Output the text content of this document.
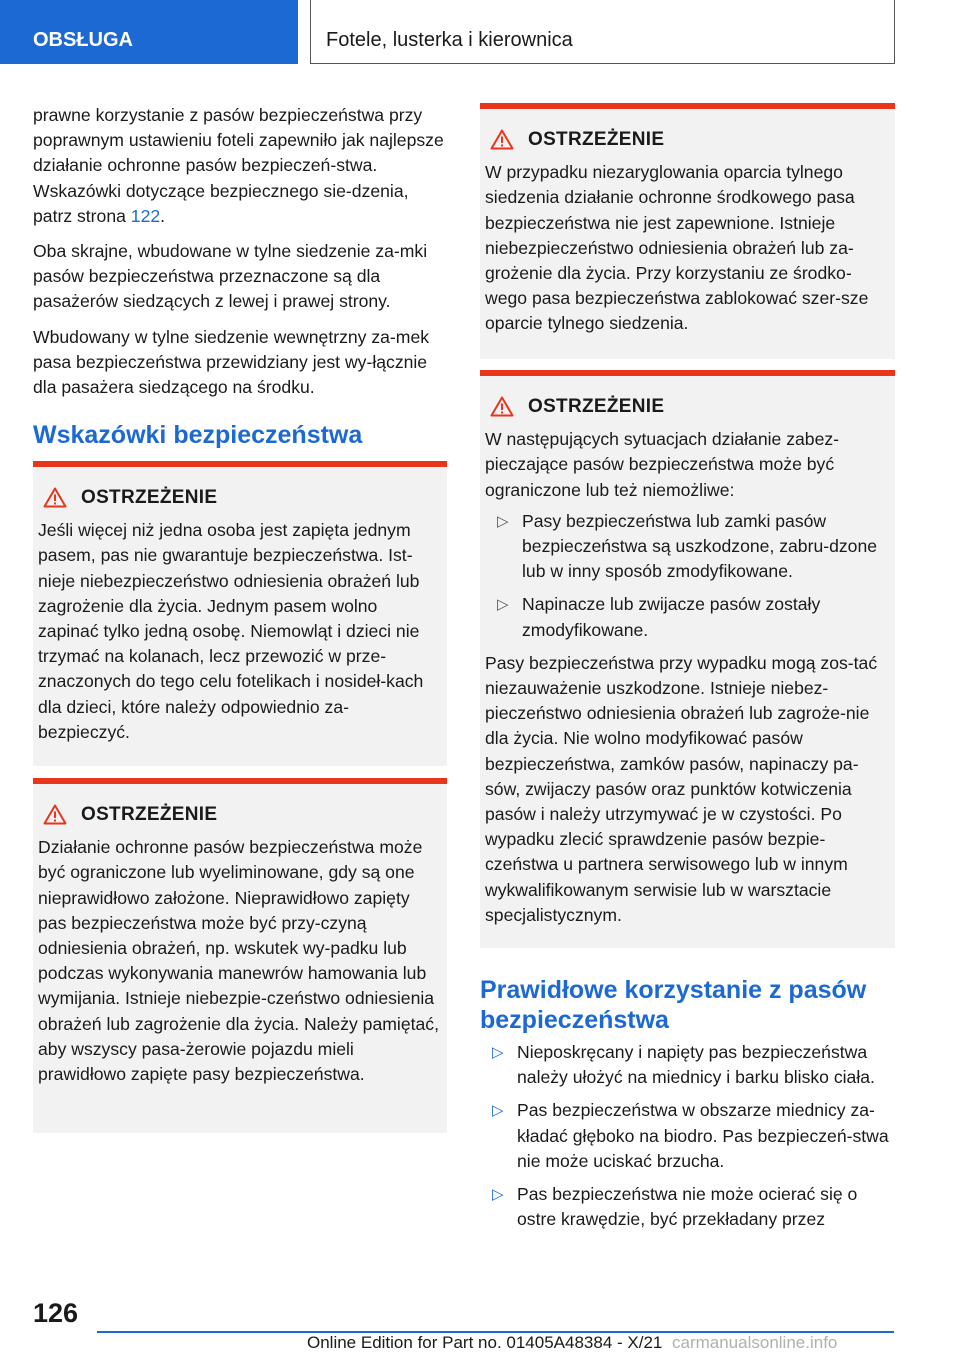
OBSŁUGA	Fotele, lusterka i kierownica

prawne korzystanie z pasów bezpieczeństwa przy poprawnym ustawieniu foteli zapewniło jak najlepsze działanie ochronne pasów bezpieczeń-stwa. Wskazówki dotyczące bezpiecznego sie-dzenia, patrz strona 122.

Oba skrajne, wbudowane w tylne siedzenie za-mki pasów bezpieczeństwa przeznaczone są dla pasażerów siedzących z lewej i prawej strony.

Wbudowany w tylne siedzenie wewnętrzny za-mek pasa bezpieczeństwa przewidziany jest wy-łącznie dla pasażera siedzącego na środku.

Wskazówki bezpieczeństwa
OSTRZEŻENIE

Jeśli więcej niż jedna osoba jest zapięta jednym pasem, pas nie gwarantuje bezpieczeństwa. Ist-nieje niebezpieczeństwo odniesienia obrażeń lub zagrożenie dla życia. Jednym pasem wolno zapinać tylko jedną osobę. Niemowląt i dzieci nie trzymać na kolanach, lecz przewozić w prze-znaczonych do tego celu fotelikach i nosideł-kach dla dzieci, które należy odpowiednio za-bezpieczyć.

OSTRZEŻENIE

Działanie ochronne pasów bezpieczeństwa może być ograniczone lub wyeliminowane, gdy są one nieprawidłowo założone. Nieprawidłowo zapięty pas bezpieczeństwa może być przy-czyną odniesienia obrażeń, np. wskutek wy-padku lub podczas wykonywania manewrów hamowania lub wymijania. Istnieje niebezpie-czeństwo odniesienia obrażeń lub zagrożenie dla życia. Należy pamiętać, aby wszyscy pasa-żerowie pojazdu mieli prawidłowo zapięte pasy bezpieczeństwa.

OSTRZEŻENIE

W przypadku niezaryglowania oparcia tylnego siedzenia działanie ochronne środkowego pasa bezpieczeństwa nie jest zapewnione. Istnieje niebezpieczeństwo odniesienia obrażeń lub za-grożenie dla życia. Przy korzystaniu ze środko-wego pasa bezpieczeństwa zablokować szer-sze oparcie tylnego siedzenia.

OSTRZEŻENIE

W następujących sytuacjach działanie zabez-pieczające pasów bezpieczeństwa może być ograniczone lub też niemożliwe:

▷ Pasy bezpieczeństwa lub zamki pasów bezpieczeństwa są uszkodzone, zabru-dzone lub w inny sposób zmodyfikowane.
▷ Napinacze lub zwijacze pasów zostały zmodyfikowane.

Pasy bezpieczeństwa przy wypadku mogą zos-tać niezauważenie uszkodzone. Istnieje niebez-pieczeństwo odniesienia obrażeń lub zagroże-nie dla życia. Nie wolno modyfikować pasów bezpieczeństwa, zamków pasów, napinaczy pa-sów, zwijaczy pasów oraz punktów kotwiczenia pasów i należy utrzymywać je w czystości. Po wypadku zlecić sprawdzenie pasów bezpie-czeństwa u partnera serwisowego lub w innym wykwalifikowanym serwisie lub w warsztacie specjalistycznym.

Prawidłowe korzystanie z pasów bezpieczeństwa
▷ Nieposkręcany i napięty pas bezpieczeństwa należy ułożyć na miednicy i barku blisko ciała.
▷ Pas bezpieczeństwa w obszarze miednicy za-kładać głęboko na biodro. Pas bezpieczeń-stwa nie może uciskać brzucha.
▷ Pas bezpieczeństwa nie może ocierać się o ostre krawędzie, być przekładany przez
126
Online Edition for Part no. 01405A48384 - X/21 carmanualsonline.info
